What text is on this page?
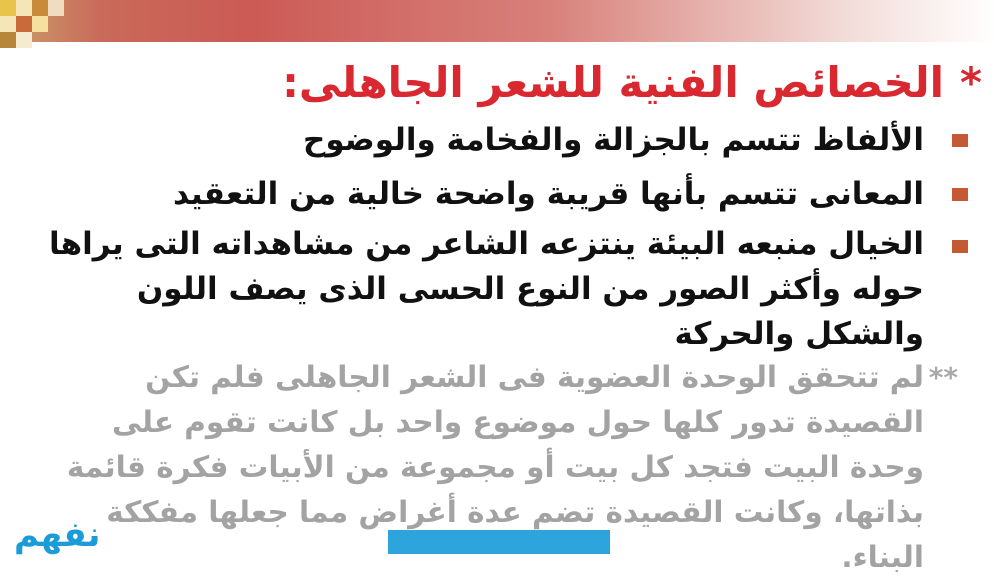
*
الخصائص الفنية للشعر الجاهلى:
الألفاظ تتسم بالجزالة والفخامة والوضوح
المعانى تتسم بأنها قريبة واضحة خالية من التعقيد
الخيال منبعه البيئة ينتزعه الشاعر من مشاهداته التى يراها حوله وأكثر الصور من النوع الحسى الذى يصف اللون والشكل والحركة
**
لم تتحقق الوحدة العضوية فى الشعر الجاهلى فلم تكن القصيدة تدور كلها حول موضوع واحد بل كانت تقوم على وحدة البيت فتجد كل بيت أو مجموعة من الأبيات فكرة قائمة بذاتها، وكانت القصيدة تضم عدة أغراض مما جعلها مفككة البناء.
نفهم
